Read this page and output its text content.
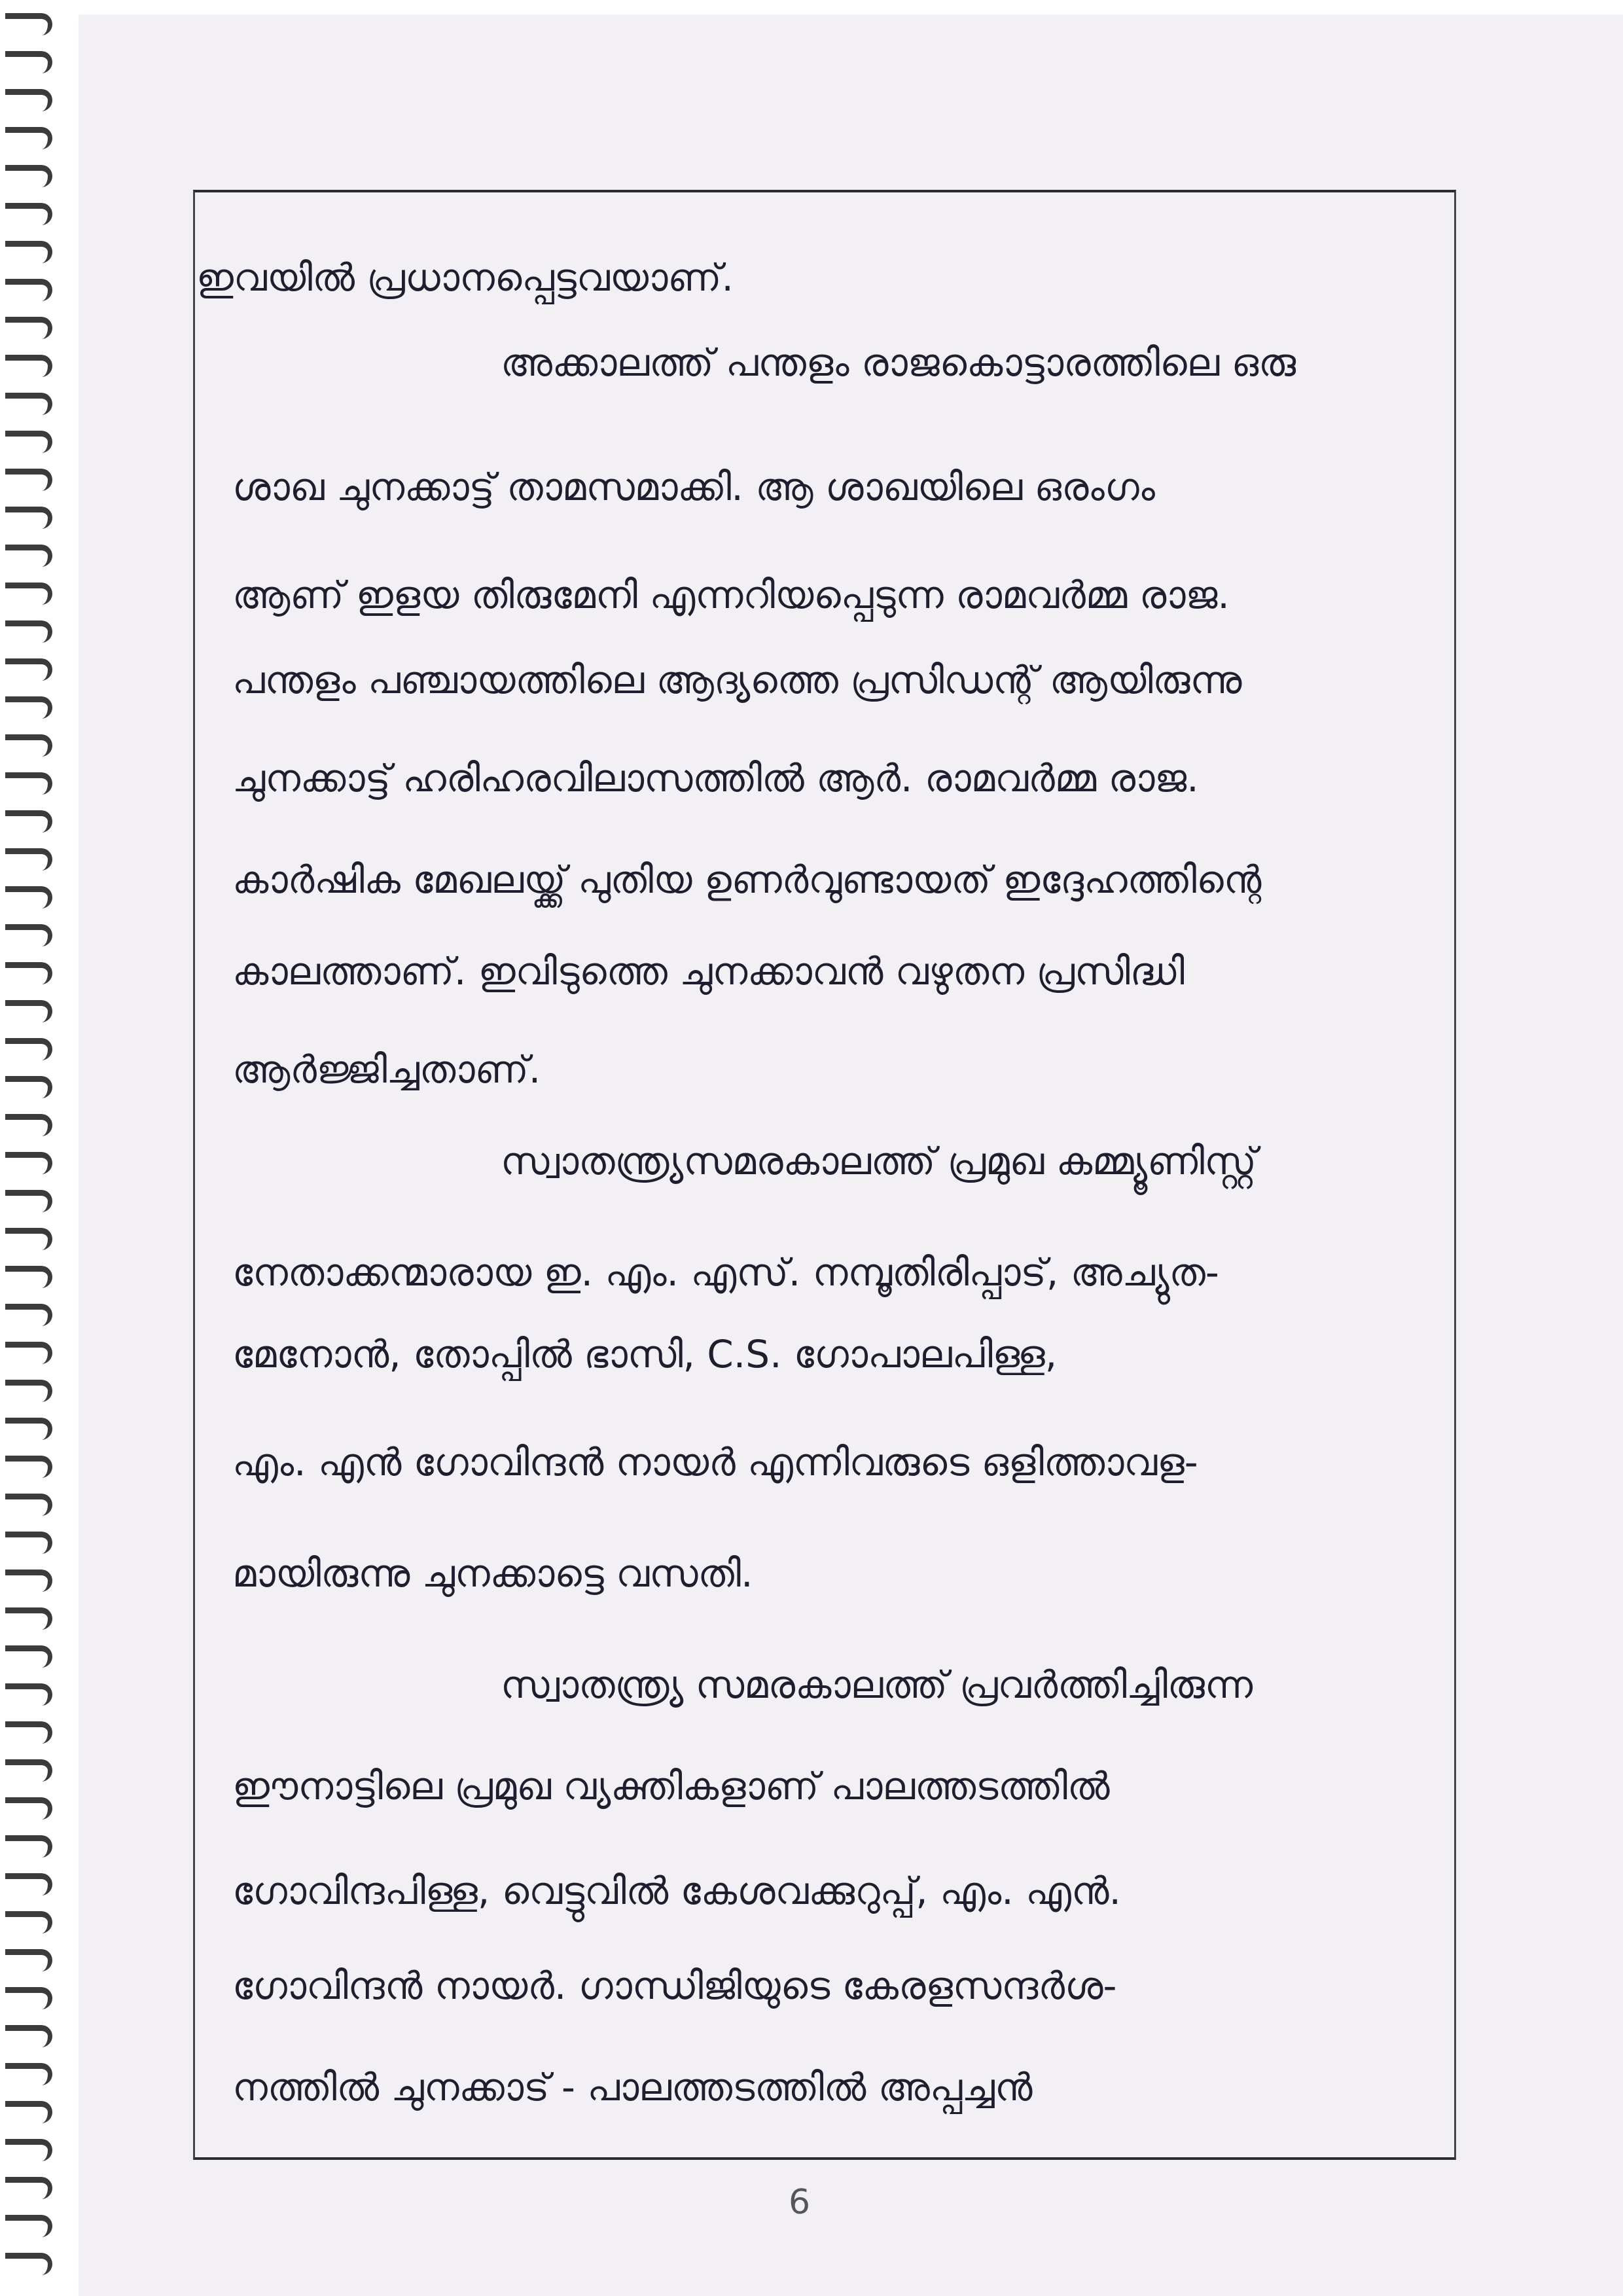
ഇവയിൽ പ്രധാനപ്പെട്ടവയാണ്.
അക്കാലത്ത് പന്തളം രാജകൊട്ടാരത്തിലെ ഒരു
ശാഖ ചുനക്കാട്ട് താമസമാക്കി. ആ ശാഖയിലെ ഒരംഗം
ആണ് ഇളയ തിരുമേനി എന്നറിയപ്പെടുന്ന രാമവർമ്മ രാജ.
പന്തളം പഞ്ചായത്തിലെ ആദ്യത്തെ പ്രസിഡന്റ് ആയിരുന്നു
ചുനക്കാട്ട് ഹരിഹരവിലാസത്തിൽ ആർ. രാമവർമ്മ രാജ.
കാർഷിക മേഖലയ്ക്ക് പുതിയ ഉണർവുണ്ടായത് ഇദ്ദേഹത്തിന്റെ
കാലത്താണ്. ഇവിടുത്തെ ചുനക്കാവൻ വഴുതന പ്രസിദ്ധി
ആർജ്ജിച്ചതാണ്.
സ്വാതന്ത്ര്യസമരകാലത്ത് പ്രമുഖ കമ്മ്യൂണിസ്റ്റ്
നേതാക്കന്മാരായ ഇ. എം. എസ്. നമ്പൂതിരിപ്പാട്, അച്യുത-
മേനോൻ, തോപ്പിൽ ഭാസി, C.S. ഗോപാലപിള്ള,
എം. എൻ ഗോവിന്ദൻ നായർ എന്നിവരുടെ ഒളിത്താവള-
മായിരുന്നു ചുനക്കാട്ടെ വസതി.
സ്വാതന്ത്ര്യ സമരകാലത്ത് പ്രവർത്തിച്ചിരുന്ന
ഈനാട്ടിലെ പ്രമുഖ വ്യക്തികളാണ് പാലത്തടത്തിൽ
ഗോവിന്ദപിള്ള, വെട്ടുവിൽ കേശവക്കുറുപ്പ്, എം. എൻ.
ഗോവിന്ദൻ നായർ. ഗാന്ധിജിയുടെ കേരളസന്ദർശ-
നത്തിൽ ചുനക്കാട് - പാലത്തടത്തിൽ അപ്പച്ചൻ
6
